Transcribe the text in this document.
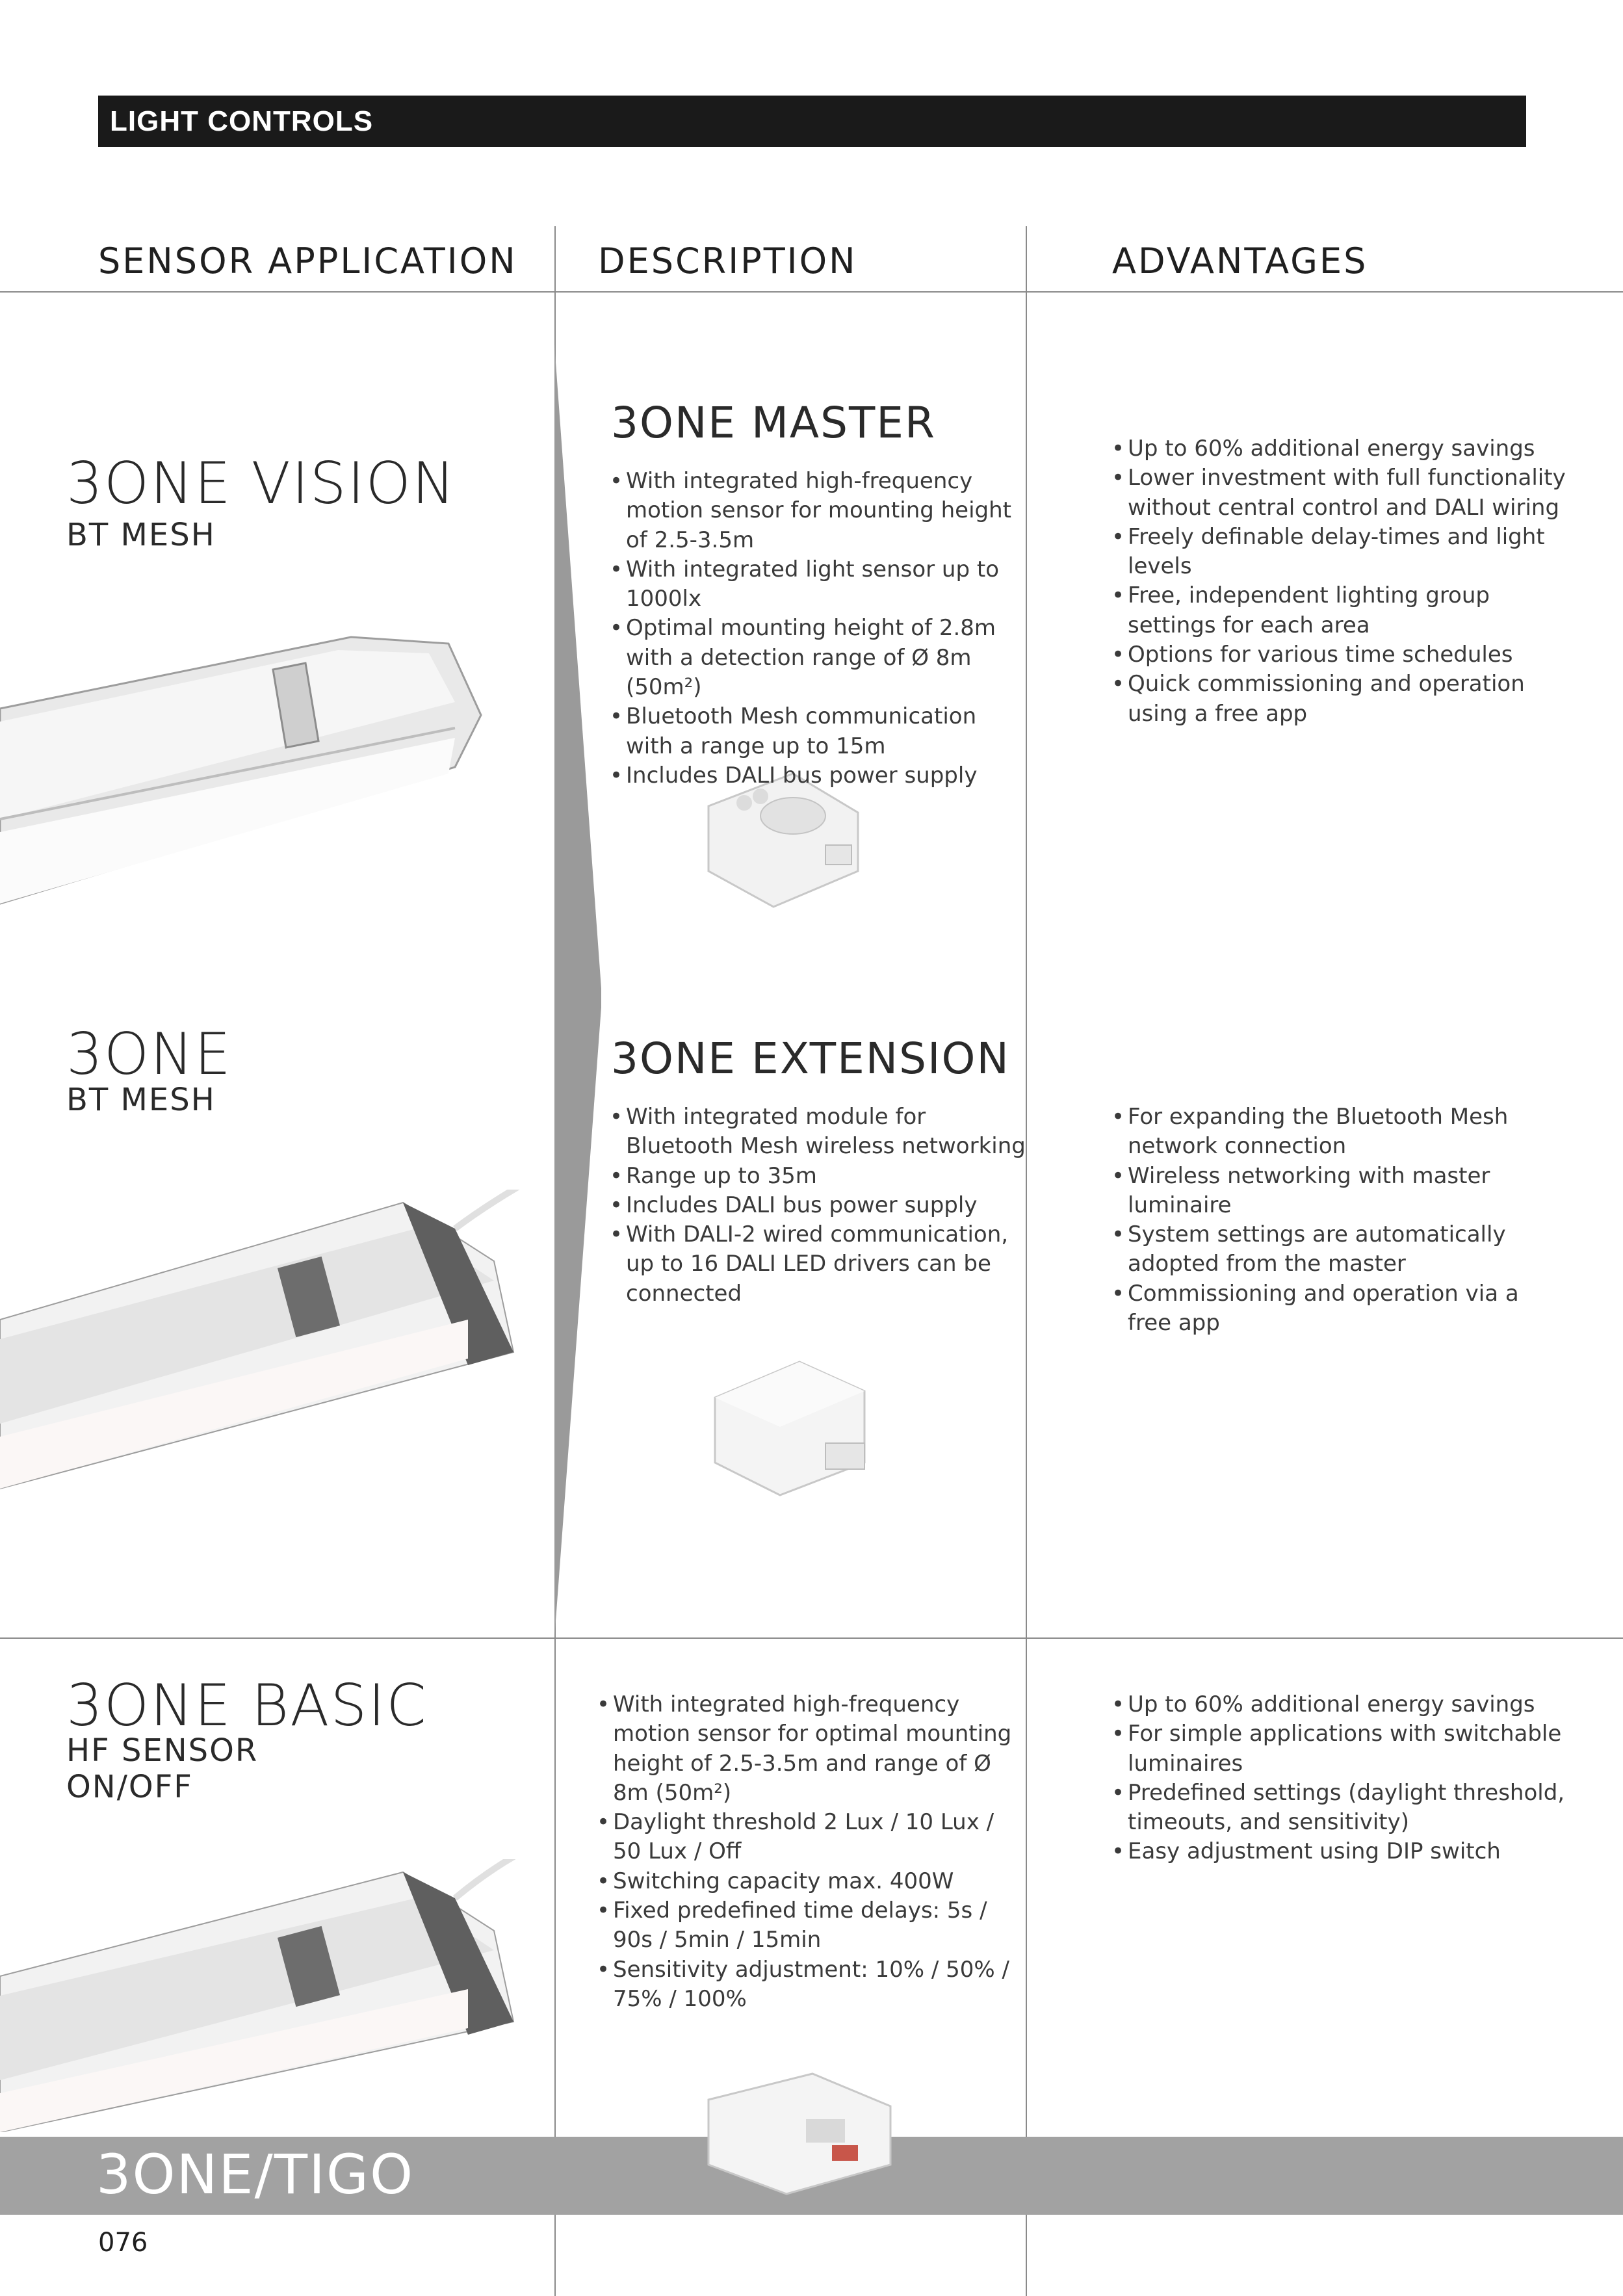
LIGHT CONTROLS
SENSOR APPLICATION DESCRIPTION	ADVANTAGES
3ONE VISION
BT MESH
3ONE MASTER
• With integrated high-frequency motion sensor for mounting height of 2.5-3.5m
• With integrated light sensor up to 1000lx
• Optimal mounting height of 2.8m with a detection range of Ø 8m (50m²)
• Bluetooth Mesh communication with a range up to 15m
• Includes DALI bus power supply
• Up to 60% additional energy savings
• Lower investment with full functionality without central control and DALI wiring
• Freely definable delay-times and light levels
• Free, independent lighting group settings for each area
• Options for various time schedules
• Quick commissioning and operation using a free app
3ONE
BT MESH
3ONE EXTENSION
• With integrated module for Bluetooth Mesh wireless networking
• Range up to 35m
• Includes DALI bus power supply
• With DALI-2 wired communication, up to 16 DALI LED drivers can be connected
• For expanding the Bluetooth Mesh network connection
• Wireless networking with master luminaire
• System settings are automatically adopted from the master
• Commissioning and operation via a free app
3ONE BASIC
HF SENSOR
ON/OFF
• With integrated high-frequency motion sensor for optimal mounting height of 2.5-3.5m and range of Ø 8m (50m²)
• Daylight threshold 2 Lux / 10 Lux / 50 Lux / Off
• Switching capacity max. 400W
• Fixed predefined time delays: 5s / 90s / 5min / 15min
• Sensitivity adjustment: 10% / 50% / 75% / 100%
• Up to 60% additional energy savings
• For simple applications with switchable luminaires
• Predefined settings (daylight threshold, timeouts, and sensitivity)
• Easy adjustment using DIP switch
3ONE/TIGO
076
